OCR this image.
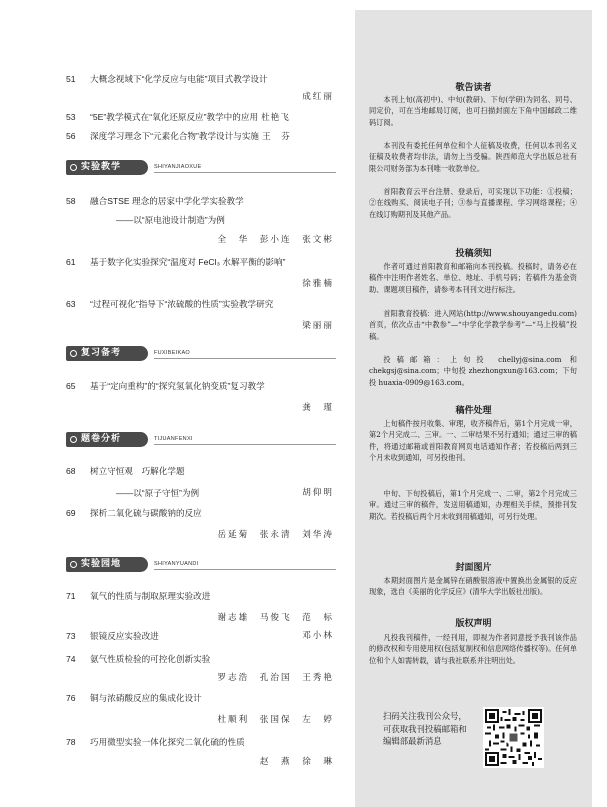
51	大概念视域下“化学反应与电能”项目式教学设计
成红丽
53	“5E”教学模式在“氧化还原反应”教学中的应用 杜艳飞
56	深度学习理念下“元素化合物”教学设计与实施 王　芬
实验教学	SHIYANJIAOXUE
58	融合STSE 理念的居家中学化学实验教学
——以“原电池设计制造”为例
全　华　彭小连　张文彬
61	基于数字化实验探究“温度对 FeCl₃ 水解平衡的影响”
徐雅楠
63	“过程可视化”指导下“浓硫酸的性质”实验教学研究
梁丽丽
复习备考	FUXIBEIKAO
65	基于“定向重构”的“探究氢氧化钠变质”复习教学
龚　瑾
题卷分析	TIJUANFENXI
68	树立守恒观　巧解化学题
——以“原子守恒”为例	胡仰明
69	探析二氧化硫与碳酸钠的反应
岳延菊　张永清　刘华涛
实验园地	SHIYANYUANDI
71	氧气的性质与制取原理实验改进
谢志雄　马俊飞　范　标
73	银镜反应实验改进	邓小林
74	氨气性质检验的可控化创新实验
罗志浩　孔治国　王秀艳
76	铜与浓硝酸反应的集成化设计
杜顺利　张国保　左　婷
78	巧用微型实验一体化探究二氧化硫的性质
赵　燕　徐　琳
敬告读者
本刊上旬(高初中)、中旬(教研)、下旬(学研)为同名、同号、同定价，可在当地邮局订阅，也可扫描封面左下角中国邮政二维码订阅。
本刊没有委托任何单位和个人征稿及收费，任何以本刊名义征稿及收费者均非法，请勿上当受骗。陕西师范大学出版总社有限公司财务部为本刊唯一收款单位。
首阳教育云平台注册、登录后，可实现以下功能：①投稿；②在线购买、阅读电子刊；③参与直播课程、学习网络课程；④在线订购期刊及其他产品。
投稿须知
作者可通过首阳教育和邮箱向本刊投稿。投稿时，请务必在稿件中注明作者姓名、单位、地址、手机号码；若稿件为基金资助、课题项目稿件，请参考本刊刊文进行标注。
首阳教育投稿：进入网站(http://www.shouyangedu.com)首页，依次点击“中教参”—“中学化学教学参考”—“马上投稿”投稿。
投稿邮箱：上旬投 chellyj@sina.com 和 chekgsj@sina.com；中旬投 zhezhongxun@163.com；下旬投 huaxia-0909@163.com。
稿件处理
上旬稿件按月收集、审理，收齐稿件后，第1个月完成一审，第2个月完成二、三审。一、二审结果不另行通知；通过三审的稿件，将通过邮箱或首阳教育网页电话通知作者；若投稿后两到三个月未收到通知，可另投他刊。
中旬、下旬投稿后，第1个月完成一、二审，第2个月完成三审。通过三审的稿件，发送用稿通知，办理相关手续，预排刊发期次。若投稿后两个月未收到用稿通知，可另行处理。
封面图片
本期封面图片是金属锌在硝酸银溶液中置换出金属银的反应现象，选自《美丽的化学反应》(清华大学出版社出版)。
版权声明
凡投我刊稿件，一经刊用，即视为作者同意授予我刊该作品的修改权和专用使用权(包括复制权和信息网络传播权等)。任何单位和个人如需转载，请与我社联系并注明出处。
扫码关注我刊公众号，可获取我刊投稿邮箱和编辑部最新消息
